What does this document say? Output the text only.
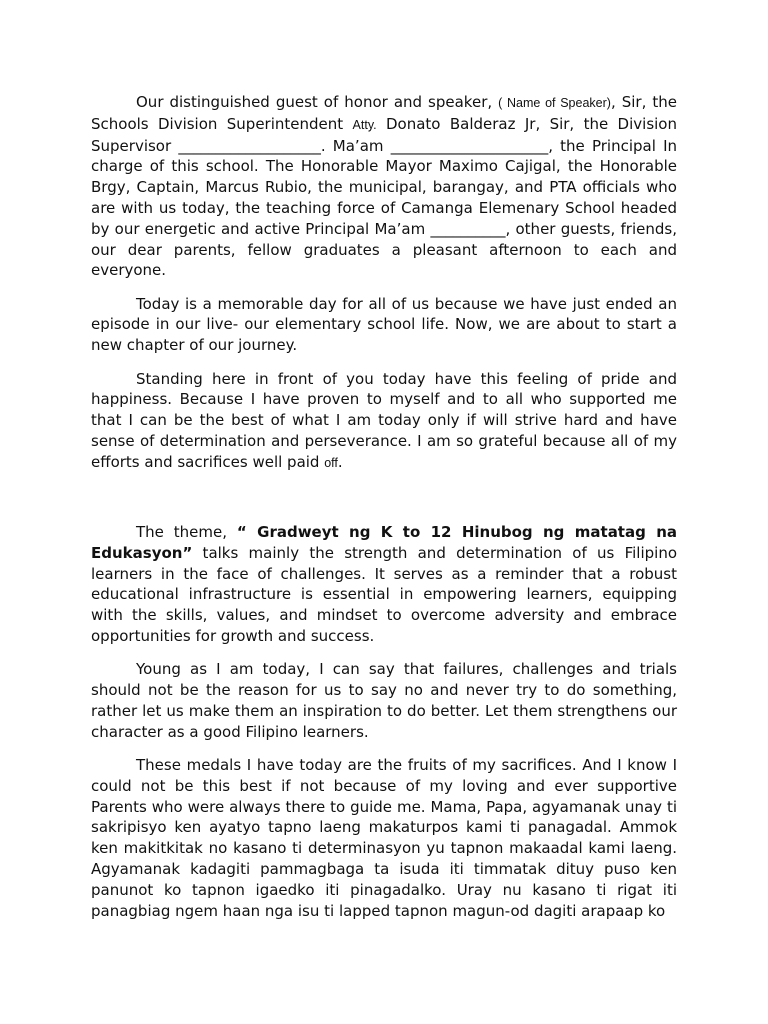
Our distinguished guest of honor and speaker, ( Name of Speaker), Sir, the Schools Division Superintendent Atty. Donato Balderaz Jr, Sir, the Division Supervisor ___________________. Ma’am _____________________, the Principal In charge of this school. The Honorable Mayor Maximo Cajigal, the Honorable Brgy, Captain, Marcus Rubio, the municipal, barangay, and PTA officials who are with us today, the teaching force of Camanga Elemenary School headed by our energetic and active Principal Ma’am __________, other guests, friends, our dear parents, fellow graduates a pleasant afternoon to each and everyone.

Today is a memorable day for all of us because we have just ended an episode in our live- our elementary school life. Now, we are about to start a new chapter of our journey.

Standing here in front of you today have this feeling of pride and happiness. Because I have proven to myself and to all who supported me that I can be the best of what I am today only if will strive hard and have sense of determination and perseverance. I am so grateful because all of my efforts and sacrifices well paid off.

The theme, “ Gradweyt ng K to 12 Hinubog ng matatag na Edukasyon” talks mainly the strength and determination of us Filipino learners in the face of challenges. It serves as a reminder that a robust educational infrastructure is essential in empowering learners, equipping with the skills, values, and mindset to overcome adversity and embrace opportunities for growth and success.

Young as I am today, I can say that failures, challenges and trials should not be the reason for us to say no and never try to do something, rather let us make them an inspiration to do better. Let them strengthens our character as a good Filipino learners.

These medals I have today are the fruits of my sacrifices. And I know I could not be this best if not because of my loving and ever supportive Parents who were always there to guide me. Mama, Papa, agyamanak unay ti sakripisyo ken ayatyo tapno laeng makaturpos kami ti panagadal. Ammok ken makitkitak no kasano ti determinasyon yu tapnon makaadal kami laeng. Agyamanak kadagiti pammagbaga ta isuda iti timmatak dituy puso ken panunot ko tapnon igaedko iti pinagadalko. Uray nu kasano ti rigat iti panagbiag ngem haan nga isu ti lapped tapnon magun-od dagiti arapaap ko
